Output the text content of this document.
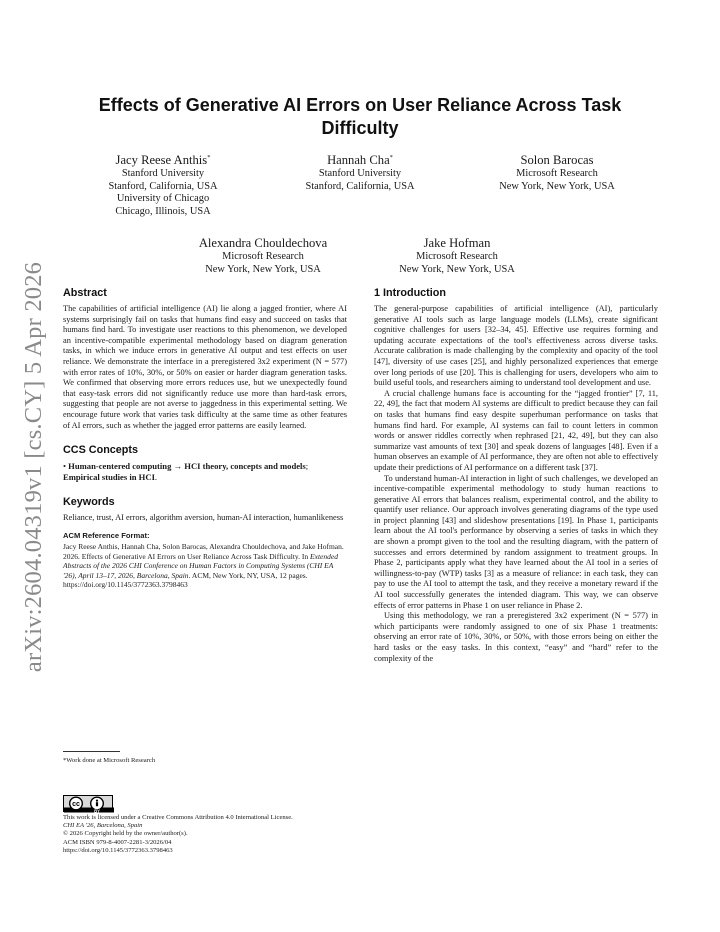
arXiv:2604.04319v1 [cs.CY] 5 Apr 2026
Effects of Generative AI Errors on User Reliance Across Task Difficulty
Jacy Reese Anthis*
Stanford University
Stanford, California, USA
University of Chicago
Chicago, Illinois, USA
Hannah Cha*
Stanford University
Stanford, California, USA
Solon Barocas
Microsoft Research
New York, New York, USA
Alexandra Chouldechova
Microsoft Research
New York, New York, USA
Jake Hofman
Microsoft Research
New York, New York, USA
Abstract
The capabilities of artificial intelligence (AI) lie along a jagged frontier, where AI systems surprisingly fail on tasks that humans find easy and succeed on tasks that humans find hard. To investigate user reactions to this phenomenon, we developed an incentive-compatible experimental methodology based on diagram generation tasks, in which we induce errors in generative AI output and test effects on user reliance. We demonstrate the interface in a preregistered 3x2 experiment (N = 577) with error rates of 10%, 30%, or 50% on easier or harder diagram generation tasks. We confirmed that observing more errors reduces use, but we unexpectedly found that easy-task errors did not significantly reduce use more than hard-task errors, suggesting that people are not averse to jaggedness in this experimental setting. We encourage future work that varies task difficulty at the same time as other features of AI errors, such as whether the jagged error patterns are easily learned.
CCS Concepts
• Human-centered computing → HCI theory, concepts and models; Empirical studies in HCI.
Keywords
Reliance, trust, AI errors, algorithm aversion, human-AI interaction, humanlikeness
ACM Reference Format:
Jacy Reese Anthis, Hannah Cha, Solon Barocas, Alexandra Chouldechova, and Jake Hofman. 2026. Effects of Generative AI Errors on User Reliance Across Task Difficulty. In Extended Abstracts of the 2026 CHI Conference on Human Factors in Computing Systems (CHI EA '26), April 13–17, 2026, Barcelona, Spain. ACM, New York, NY, USA, 12 pages. https://doi.org/10.1145/3772363.3798463
*Work done at Microsoft Research
cc
BY
This work is licensed under a Creative Commons Attribution 4.0 International License.
CHI EA '26, Barcelona, Spain
© 2026 Copyright held by the owner/author(s).
ACM ISBN 979-8-4007-2281-3/2026/04
https://doi.org/10.1145/3772363.3798463
1 Introduction
The general-purpose capabilities of artificial intelligence (AI), particularly generative AI tools such as large language models (LLMs), create significant cognitive challenges for users [32–34, 45]. Effective use requires forming and updating accurate expectations of the tool's effectiveness across diverse tasks. Accurate calibration is made challenging by the complexity and opacity of the tool [47], diversity of use cases [25], and highly personalized experiences that emerge over long periods of use [20]. This is challenging for users, developers who aim to build useful tools, and researchers aiming to understand tool development and use.
A crucial challenge humans face is accounting for the “jagged frontier” [7, 11, 22, 49], the fact that modern AI systems are difficult to predict because they can fail on tasks that humans find easy despite superhuman performance on tasks that humans find hard. For example, AI systems can fail to count letters in common words or answer riddles correctly when rephrased [21, 42, 49], but they can also summarize vast amounts of text [30] and speak dozens of languages [48]. Even if a human observes an example of AI performance, they are often not able to effectively update their predictions of AI performance on a different task [37].
To understand human-AI interaction in light of such challenges, we developed an incentive-compatible experimental methodology to study human reactions to generative AI errors that balances realism, experimental control, and the ability to quantify user reliance. Our approach involves generating diagrams of the type used in project planning [43] and slideshow presentations [19]. In Phase 1, participants learn about the AI tool's performance by observing a series of tasks in which they are shown a prompt given to the tool and the resulting diagram, with the pattern of successes and errors determined by random assignment to treatment groups. In Phase 2, participants apply what they have learned about the AI tool in a series of willingness-to-pay (WTP) tasks [3] as a measure of reliance: in each task, they can pay to use the AI tool to attempt the task, and they receive a monetary reward if the AI tool successfully generates the intended diagram. This way, we can observe effects of error patterns in Phase 1 on user reliance in Phase 2.
Using this methodology, we ran a preregistered 3x2 experiment (N = 577) in which participants were randomly assigned to one of six Phase 1 treatments: observing an error rate of 10%, 30%, or 50%, with those errors being on either the hard tasks or the easy tasks. In this context, “easy” and “hard” refer to the complexity of the
